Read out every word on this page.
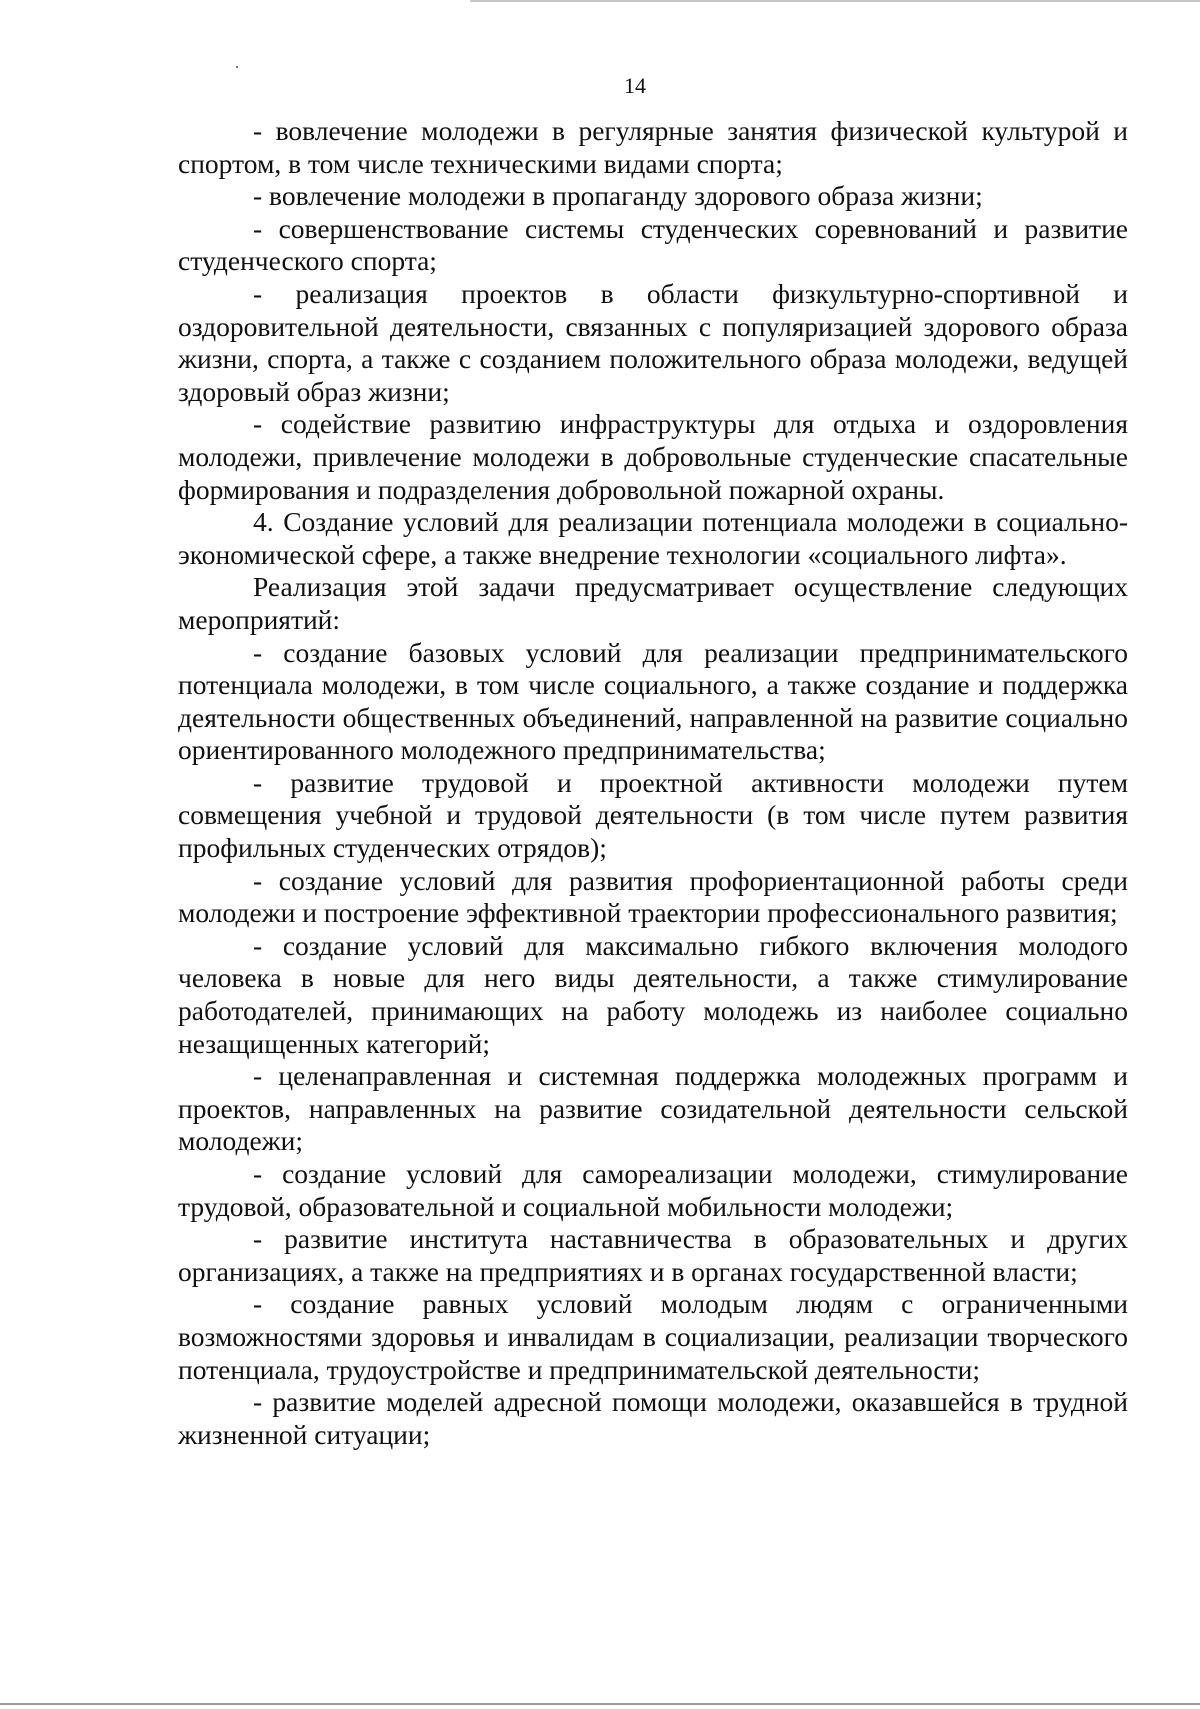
14

- вовлечение молодежи в регулярные занятия физической культурой и спортом, в том числе техническими видами спорта;

- вовлечение молодежи в пропаганду здорового образа жизни;

- совершенствование системы студенческих соревнований и развитие студенческого спорта;

- реализация проектов в области физкультурно-спортивной и оздоровительной деятельности, связанных с популяризацией здорового образа жизни, спорта, а также с созданием положительного образа молодежи, ведущей здоровый образ жизни;

- содействие развитию инфраструктуры для отдыха и оздоровления молодежи, привлечение молодежи в добровольные студенческие спасательные формирования и подразделения добровольной пожарной охраны.

4. Создание условий для реализации потенциала молодежи в социально-экономической сфере, а также внедрение технологии «социального лифта».

Реализация этой задачи предусматривает осуществление следующих мероприятий:

- создание базовых условий для реализации предпринимательского потенциала молодежи, в том числе социального, а также создание и поддержка деятельности общественных объединений, направленной на развитие социально ориентированного молодежного предпринимательства;

- развитие трудовой и проектной активности молодежи путем совмещения учебной и трудовой деятельности (в том числе путем развития профильных студенческих отрядов);

- создание условий для развития профориентационной работы среди молодежи и построение эффективной траектории профессионального развития;

- создание условий для максимально гибкого включения молодого человека в новые для него виды деятельности, а также стимулирование работодателей, принимающих на работу молодежь из наиболее социально незащищенных категорий;

- целенаправленная и системная поддержка молодежных программ и проектов, направленных на развитие созидательной деятельности сельской молодежи;

- создание условий для самореализации молодежи, стимулирование трудовой, образовательной и социальной мобильности молодежи;

- развитие института наставничества в образовательных и других организациях, а также на предприятиях и в органах государственной власти;

- создание равных условий молодым людям с ограниченными возможностями здоровья и инвалидам в социализации, реализации творческого потенциала, трудоустройстве и предпринимательской деятельности;

- развитие моделей адресной помощи молодежи, оказавшейся в трудной жизненной ситуации;
